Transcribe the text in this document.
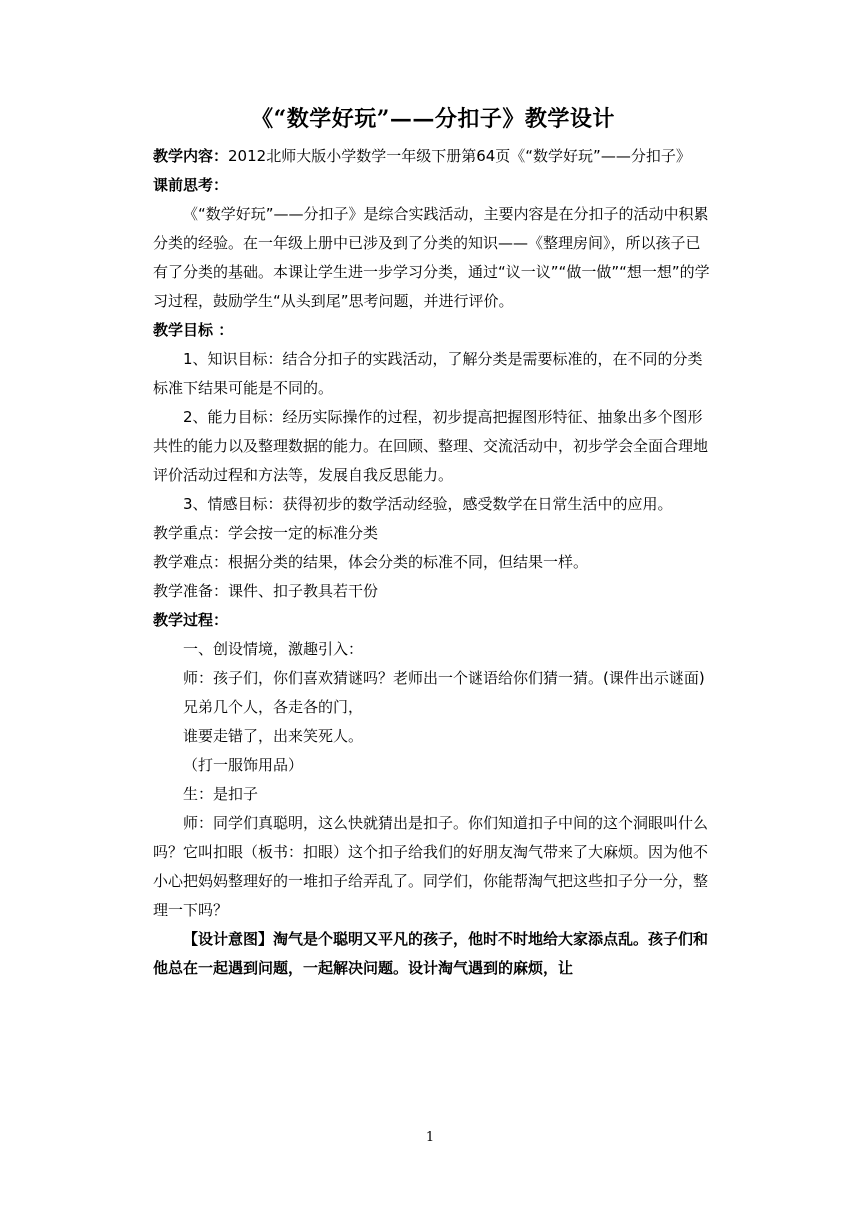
《“数学好玩”——分扣子》教学设计

教学内容：2012北师大版小学数学一年级下册第64页《“数学好玩”——分扣子》

课前思考：

《“数学好玩”——分扣子》是综合实践活动，主要内容是在分扣子的活动中积累分类的经验。在一年级上册中已涉及到了分类的知识——《整理房间》，所以孩子已有了分类的基础。本课让学生进一步学习分类，通过“议一议”“做一做”“想一想”的学习过程，鼓励学生“从头到尾”思考问题，并进行评价。

教学目标 ：

1、知识目标：结合分扣子的实践活动，了解分类是需要标准的，在不同的分类标准下结果可能是不同的。

2、能力目标：经历实际操作的过程，初步提高把握图形特征、抽象出多个图形共性的能力以及整理数据的能力。在回顾、整理、交流活动中，初步学会全面合理地评价活动过程和方法等，发展自我反思能力。

3、情感目标：获得初步的数学活动经验，感受数学在日常生活中的应用。

教学重点：学会按一定的标准分类

教学难点：根据分类的结果，体会分类的标准不同，但结果一样。

教学准备：课件、扣子教具若干份

教学过程：

一、创设情境，激趣引入：

师：孩子们，你们喜欢猜谜吗？老师出一个谜语给你们猜一猜。(课件出示谜面)

兄弟几个人，各走各的门，

谁要走错了，出来笑死人。

（打一服饰用品）

生：是扣子

师：同学们真聪明，这么快就猜出是扣子。你们知道扣子中间的这个洞眼叫什么吗？它叫扣眼（板书：扣眼）这个扣子给我们的好朋友淘气带来了大麻烦。因为他不小心把妈妈整理好的一堆扣子给弄乱了。同学们，你能帮淘气把这些扣子分一分，整理一下吗？

【设计意图】淘气是个聪明又平凡的孩子，他时不时地给大家添点乱。孩子们和他总在一起遇到问题，一起解决问题。设计淘气遇到的麻烦，让

1
